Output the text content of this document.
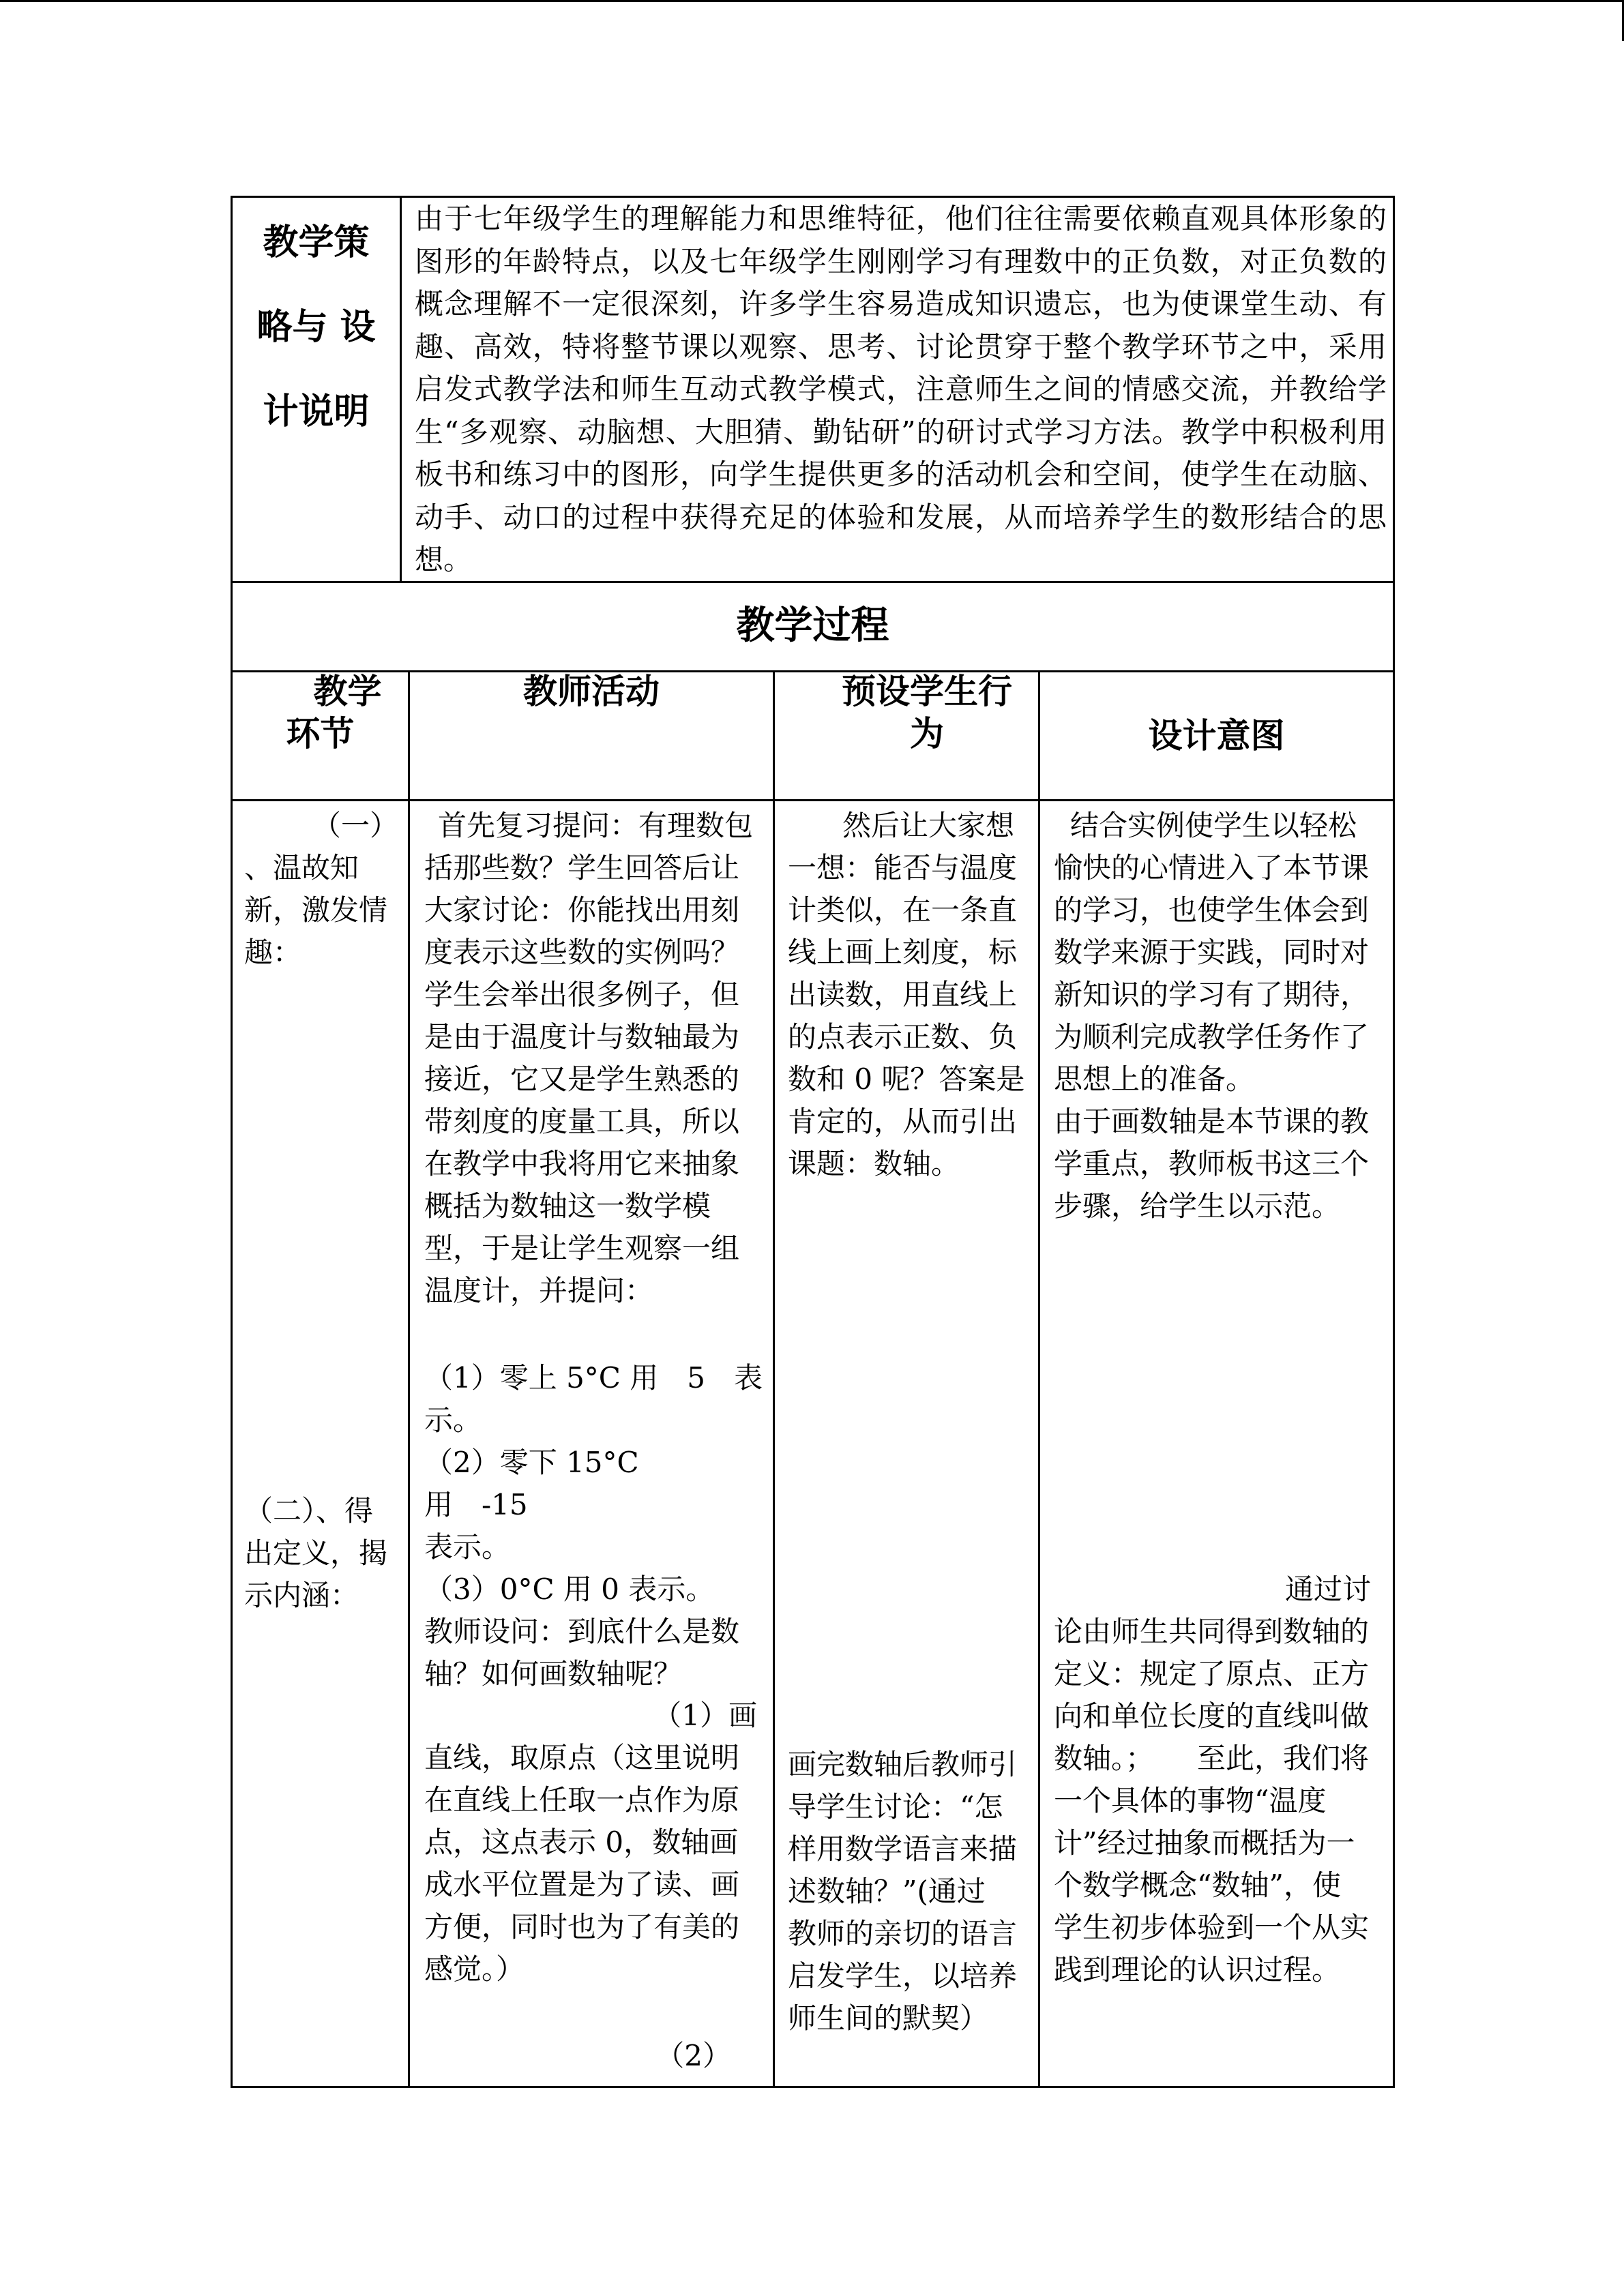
教学策
略与 设
计说明
由于七年级学生的理解能力和思维特征，他们往往需要依赖直观具体形象的图形的年龄特点，以及七年级学生刚刚学习有理数中的正负数，对正负数的概念理解不一定很深刻，许多学生容易造成知识遗忘，也为使课堂生动、有趣、高效，特将整节课以观察、思考、讨论贯穿于整个教学环节之中，采用启发式教学法和师生互动式教学模式，注意师生之间的情感交流，并教给学生“多观察、动脑想、大胆猜、勤钻研”的研讨式学习方法。教学中积极利用板书和练习中的图形，向学生提供更多的活动机会和空间，使学生在动脑、动手、动口的过程中获得充足的体验和发展，从而培养学生的数形结合的思想。
教学过程
教学
环节
教师活动	预设学生行
为	设计意图
（一）
、温故知
新，激发情
趣：
（二）、得
出定义，揭
示内涵：
首先复习提问：有理数包
括那些数？学生回答后让
大家讨论：你能找出用刻
度表示这些数的实例吗？
学生会举出很多例子，但
是由于温度计与数轴最为
接近，它又是学生熟悉的
带刻度的度量工具，所以
在教学中我将用它来抽象
概括为数轴这一数学模
型，于是让学生观察一组
温度计，并提问：
（1）零上 5°C 用　5　表
示。
（2）零下 15°C　用　-15
表示。
（3）0°C 用 0 表示。
教师设问：到底什么是数
轴？如何画数轴呢？
（1）画
直线，取原点（这里说明
在直线上任取一点作为原
点，这点表示 0，数轴画
成水平位置是为了读、画
方便，同时也为了有美的
感觉。）
（2）
然后让大家想
一想：能否与温度
计类似，在一条直
线上画上刻度，标
出读数，用直线上
的点表示正数、负
数和 0 呢？答案是
肯定的，从而引出
课题：数轴。
画完数轴后教师引
导学生讨论：“怎
样用数学语言来描
述数轴？”(通过
教师的亲切的语言
启发学生，以培养
师生间的默契）
结合实例使学生以轻松
愉快的心情进入了本节课
的学习，也使学生体会到
数学来源于实践，同时对
新知识的学习有了期待，
为顺利完成教学任务作了
思想上的准备。
由于画数轴是本节课的教
学重点，教师板书这三个
步骤，给学生以示范。
通过讨
论由师生共同得到数轴的
定义：规定了原点、正方
向和单位长度的直线叫做
数轴。；　　至此，我们将
一个具体的事物“温度
计”经过抽象而概括为一
个数学概念“数轴”，使
学生初步体验到一个从实
践到理论的认识过程。
